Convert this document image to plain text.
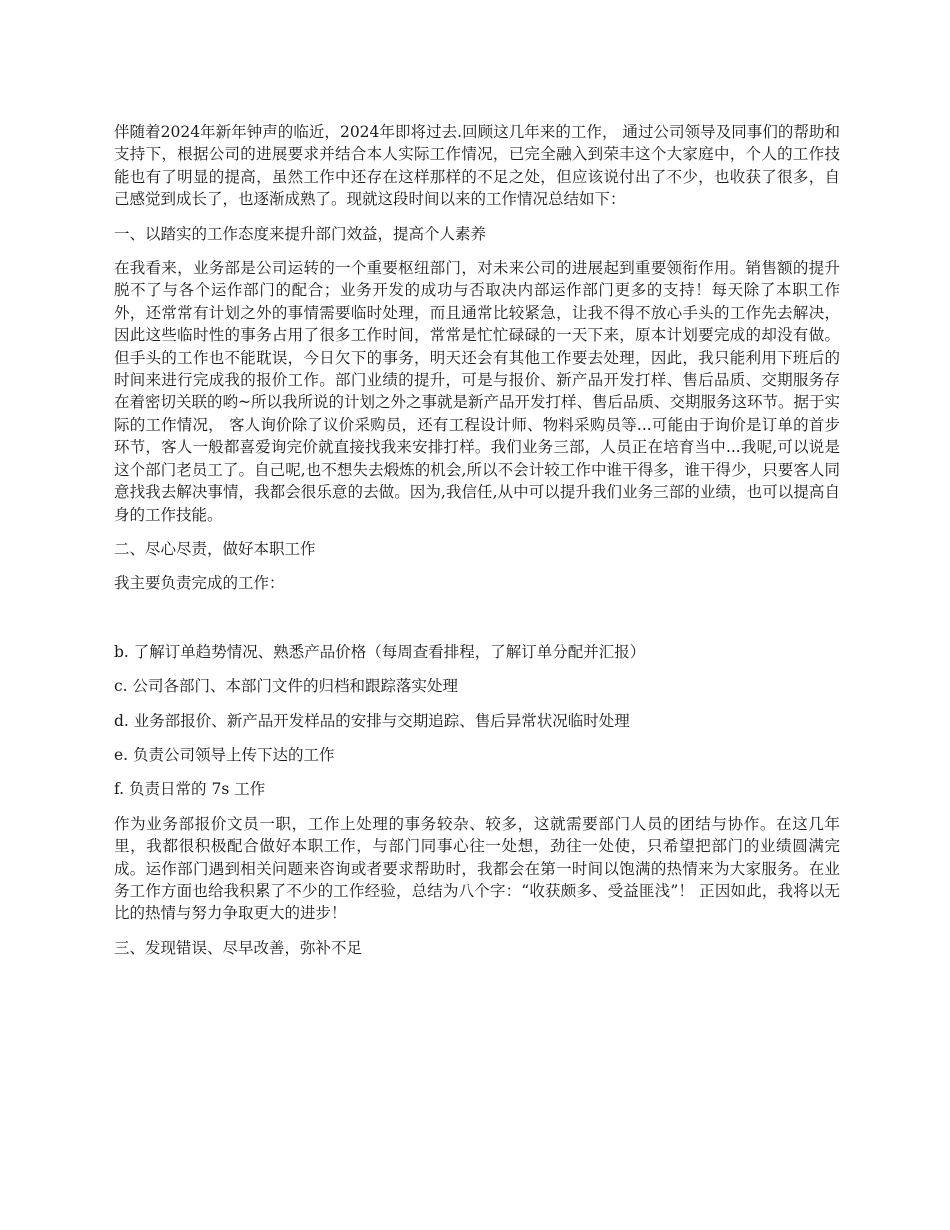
伴随着2024年新年钟声的临近，2024年即将过去.回顾这几年来的工作， 通过公司领导及同事们的帮助和支持下，根据公司的进展要求并结合本人实际工作情况，已完全融入到荣丰这个大家庭中，个人的工作技能也有了明显的提高，虽然工作中还存在这样那样的不足之处，但应该说付出了不少，也收获了很多，自己感觉到成长了，也逐渐成熟了。现就这段时间以来的工作情况总结如下：

一、以踏实的工作态度来提升部门效益，提高个人素养

在我看来，业务部是公司运转的一个重要枢纽部门，对未来公司的进展起到重要领衔作用。销售额的提升脱不了与各个运作部门的配合；业务开发的成功与否取决内部运作部门更多的支持！每天除了本职工作外，还常常有计划之外的事情需要临时处理，而且通常比较紧急，让我不得不放心手头的工作先去解决，因此这些临时性的事务占用了很多工作时间，常常是忙忙碌碌的一天下来，原本计划要完成的却没有做。但手头的工作也不能耽误，今日欠下的事务，明天还会有其他工作要去处理，因此，我只能利用下班后的时间来进行完成我的报价工作。部门业绩的提升，可是与报价、新产品开发打样、售后品质、交期服务存在着密切关联的哟~所以我所说的计划之外之事就是新产品开发打样、售后品质、交期服务这环节。据于实际的工作情况， 客人询价除了议价采购员，还有工程设计师、物料采购员等...可能由于询价是订单的首步环节，客人一般都喜爱询完价就直接找我来安排打样。我们业务三部，人员正在培育当中...我呢,可以说是这个部门老员工了。自己呢,也不想失去煅炼的机会,所以不会计较工作中谁干得多，谁干得少，只要客人同意找我去解决事情，我都会很乐意的去做。因为,我信任,从中可以提升我们业务三部的业绩，也可以提高自身的工作技能。

二、尽心尽责，做好本职工作

我主要负责完成的工作：

b. 了解订单趋势情况、熟悉产品价格（每周查看排程，了解订单分配并汇报）

c. 公司各部门、本部门文件的归档和跟踪落实处理

d. 业务部报价、新产品开发样品的安排与交期追踪、售后异常状况临时处理

e. 负责公司领导上传下达的工作

f. 负责日常的 7s 工作

作为业务部报价文员一职，工作上处理的事务较杂、较多，这就需要部门人员的团结与协作。在这几年里，我都很积极配合做好本职工作，与部门同事心往一处想，劲往一处使，只希望把部门的业绩圆满完成。运作部门遇到相关问题来咨询或者要求帮助时，我都会在第一时间以饱满的热情来为大家服务。在业务工作方面也给我积累了不少的工作经验，总结为八个字：“收获颇多、受益匪浅”！ 正因如此，我将以无比的热情与努力争取更大的进步！

三、发现错误、尽早改善，弥补不足
